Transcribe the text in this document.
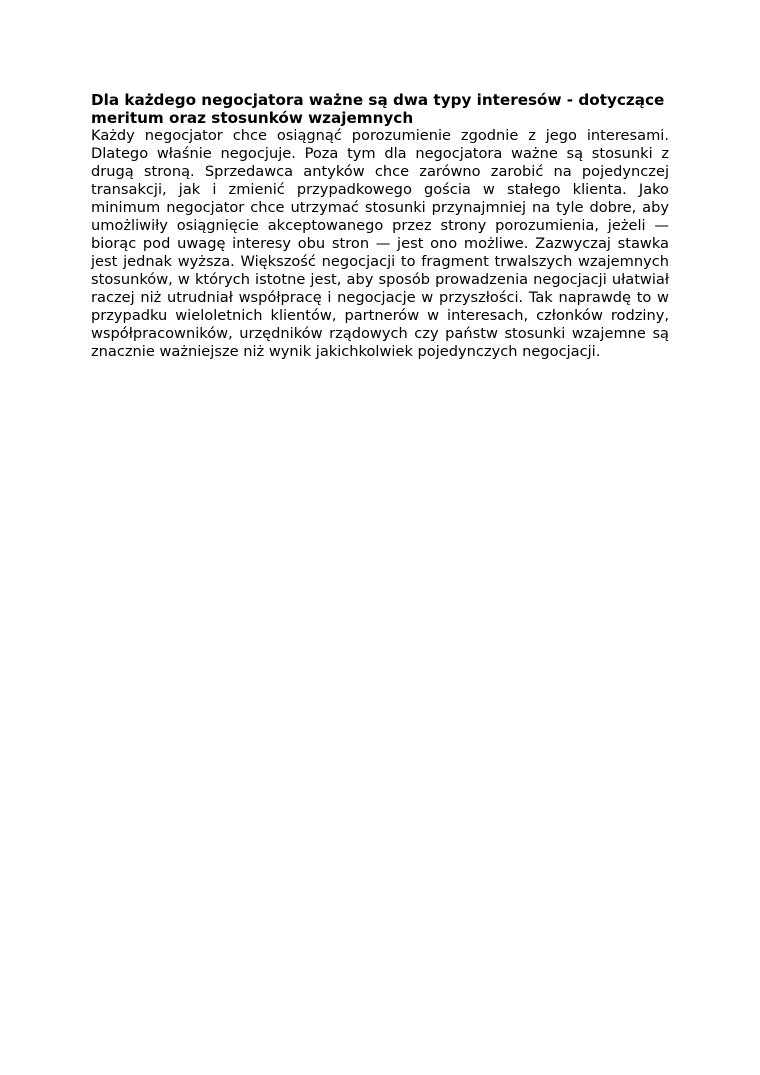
Dla każdego negocjatora ważne są dwa typy interesów - dotyczące meritum oraz stosunków wzajemnych

Każdy negocjator chce osiągnąć porozumienie zgodnie z jego interesami. Dlatego właśnie negocjuje. Poza tym dla negocjatora ważne są stosunki z drugą stroną. Sprzedawca antyków chce zarówno zarobić na pojedynczej transakcji, jak i zmienić przypadkowego gościa w stałego klienta. Jako minimum negocjator chce utrzymać stosunki przynajmniej na tyle dobre, aby umożliwiły osiągnięcie akceptowanego przez strony porozumienia, jeżeli — biorąc pod uwagę interesy obu stron — jest ono możliwe. Zazwyczaj stawka jest jednak wyższa. Większość negocjacji to fragment trwalszych wzajemnych stosunków, w których istotne jest, aby sposób prowadzenia negocjacji ułatwiał raczej niż utrudniał współpracę i negocjacje w przyszłości. Tak naprawdę to w przypadku wieloletnich klientów, partnerów w interesach, członków rodziny, współpracowników, urzędników rządowych czy państw stosunki wzajemne są znacznie ważniejsze niż wynik jakichkolwiek pojedynczych negocjacji.
